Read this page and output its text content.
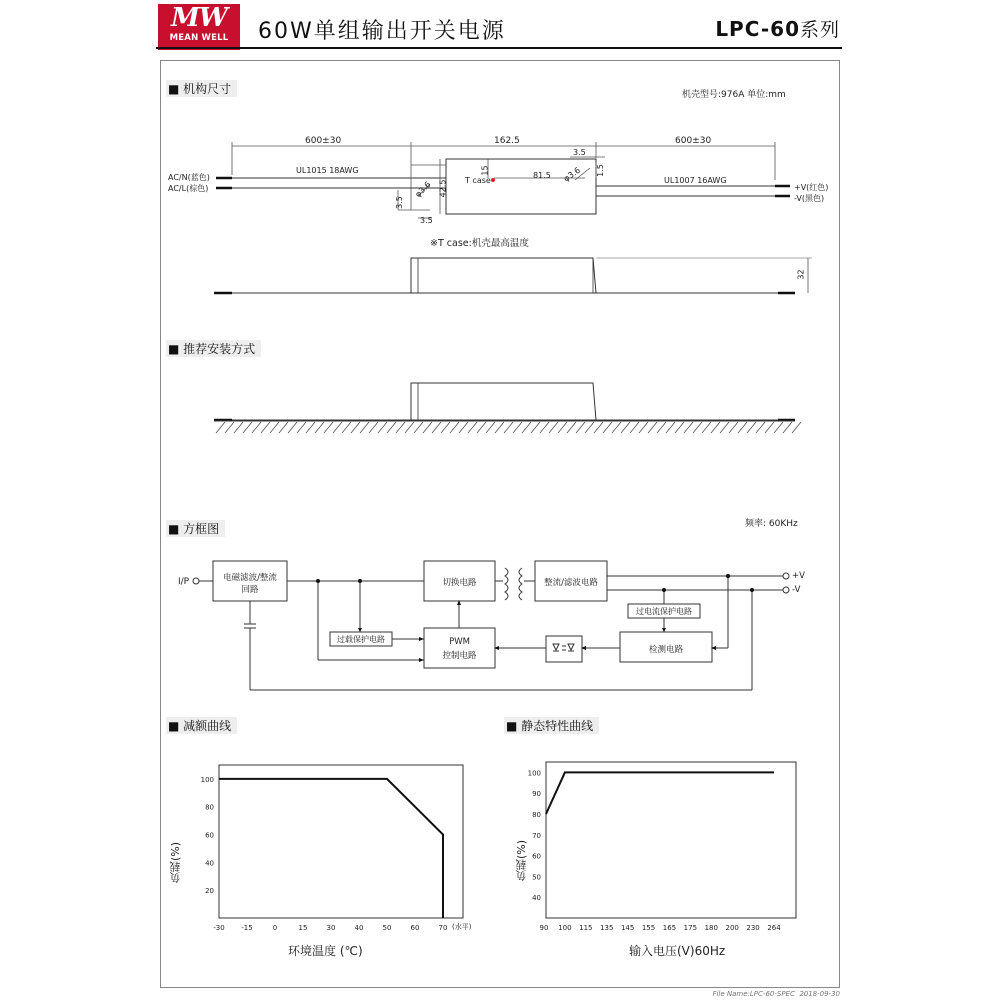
MW
MEAN WELL	60W单组输出开关电源	LPC-60系列
■ 机构尺寸	机壳型号:976A 单位:mm
600±30	162.5	600±30
3.5
15
T case
81.5 φ3.6 1.5
42.5
φ3.6
3.5
3.5
32
AC/N(蓝色)
AC/L(棕色)
UL1015 18AWG
UL1007 16AWG
+V(红色)
-V(黑色)
※T case:机壳最高温度
■ 推荐安装方式
■ 方框图	频率: 60KHz
I/P	电磁滤波/整流
回路
切换电路	整流/滤波电路
+V
-V
过电流保护电路
过载保护电路	PWM
控制电路
检测电路
■ 减额曲线	■ 静态特性曲线
20
40
60
80
100
-30 -15	0	15	30	40	50	60	70
40
50
60
70
80
90
100
90 100 115 135 145 155 165 175 180 200 230 264
环境温度 (℃)
负载(%)
(水平)
输入电压(V)60Hz
负载(%)
File Name:LPC-60-SPEC 2018-09-30
